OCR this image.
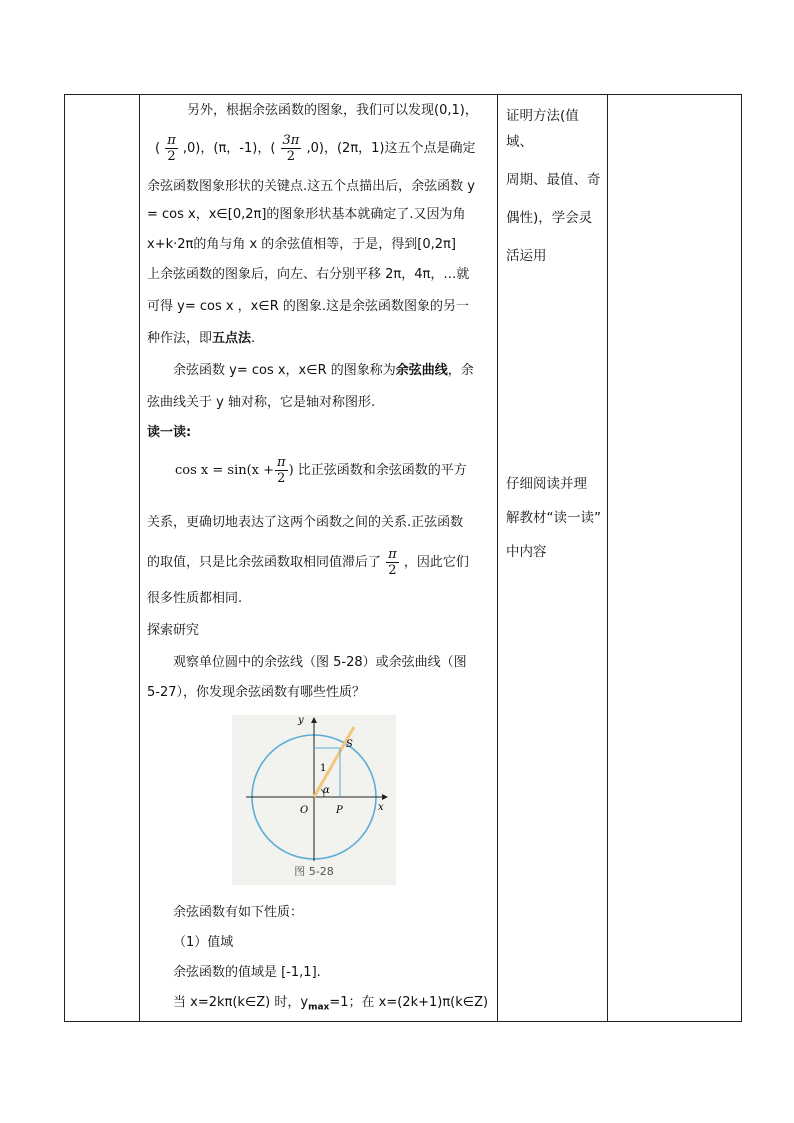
另外，根据余弦函数的图象，我们可以发现(0,1)，
( $\frac{\pi}{2} ,0$)，(π，-1)，( $\frac{3\pi}{2} ,0$)，(2π，1)这五个点是确定
余弦函数图象形状的关键点.这五个点描出后，余弦函数 y
= cos x，x∈[0,2π]的图象形状基本就确定了.又因为角
x+k·2π的角与角 x 的余弦值相等，于是，得到[0,2π]
上余弦函数的图象后，向左、右分别平移 2π，4π，…就
可得 y= cos x ，x∈R 的图象.这是余弦函数图象的另一
种作法，即五点法.
余弦函数 y= cos x，x∈R 的图象称为余弦曲线，余
弦曲线关于 y 轴对称，它是轴对称图形.
读一读:
$\cos x = \sin(x + \frac{\pi}{2}$ ) 比正弦函数和余弦函数的平方
关系，更确切地表达了这两个函数之间的关系.正弦函数
的取值，只是比余弦函数取相同值滞后了 $\frac{\pi}{2}$ ，因此它们
很多性质都相同.
探索研究
观察单位圆中的余弦线（图 5-28）或余弦曲线（图
5-27），你发现余弦函数有哪些性质？
余弦函数有如下性质：
（1）值域
余弦函数的值域是 [-1,1].
当 x=2kπ(k∈Z) 时，$y_{max}=1$；在 x=(2k+1)π(k∈Z)
y
x
O	P
S
1
α
图 5-28
证明方法(值域、
周期、最值、奇
偶性)，学会灵
活运用
仔细阅读并理
解教材“读一读”
中内容
